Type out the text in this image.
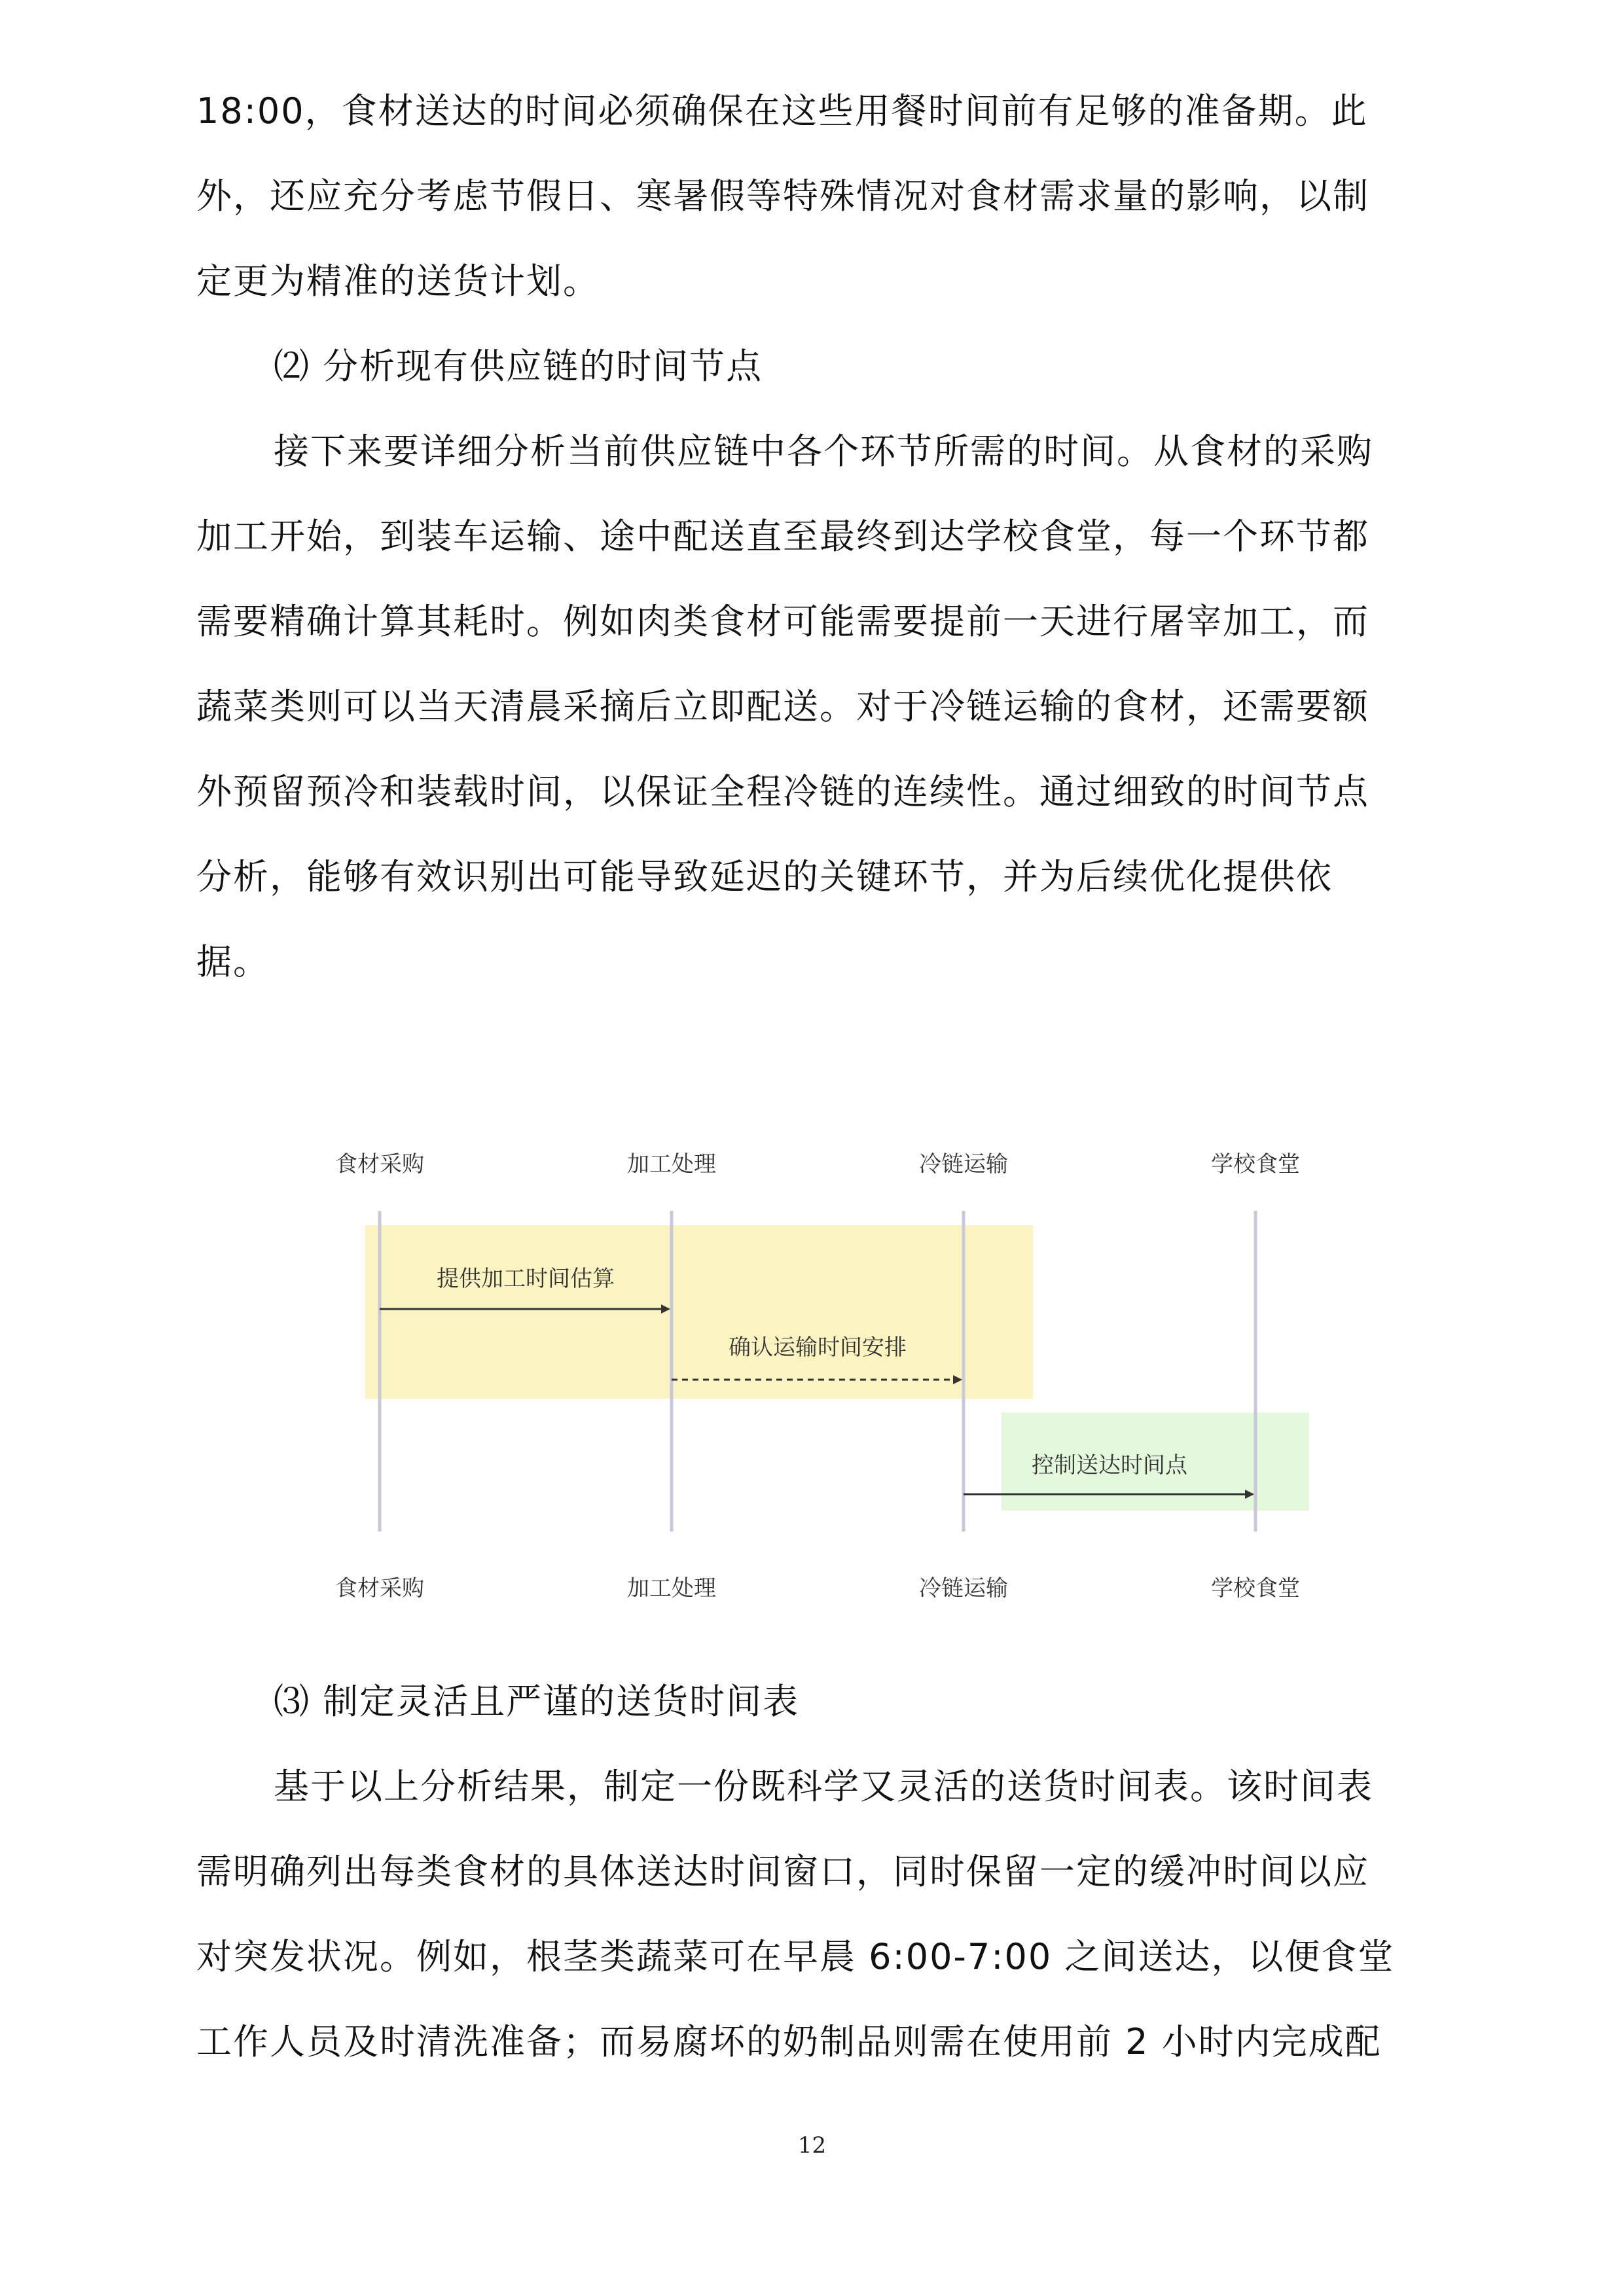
18:00，食材送达的时间必须确保在这些用餐时间前有足够的准备期。此
外，还应充分考虑节假日、寒暑假等特殊情况对食材需求量的影响，以制
定更为精准的送货计划。
⑵ 分析现有供应链的时间节点
接下来要详细分析当前供应链中各个环节所需的时间。从食材的采购
加工开始，到装车运输、途中配送直至最终到达学校食堂，每一个环节都
需要精确计算其耗时。例如肉类食材可能需要提前一天进行屠宰加工，而
蔬菜类则可以当天清晨采摘后立即配送。对于冷链运输的食材，还需要额
外预留预冷和装载时间，以保证全程冷链的连续性。通过细致的时间节点
分析，能够有效识别出可能导致延迟的关键环节，并为后续优化提供依
据。
食材采购	加工处理	冷链运输	学校食堂
食材采购	加工处理	冷链运输	学校食堂
提供加工时间估算
确认运输时间安排
控制送达时间点
⑶ 制定灵活且严谨的送货时间表
基于以上分析结果，制定一份既科学又灵活的送货时间表。该时间表
需明确列出每类食材的具体送达时间窗口，同时保留一定的缓冲时间以应
对突发状况。例如，根茎类蔬菜可在早晨 6:00-7:00 之间送达，以便食堂
工作人员及时清洗准备；而易腐坏的奶制品则需在使用前 2 小时内完成配
12
